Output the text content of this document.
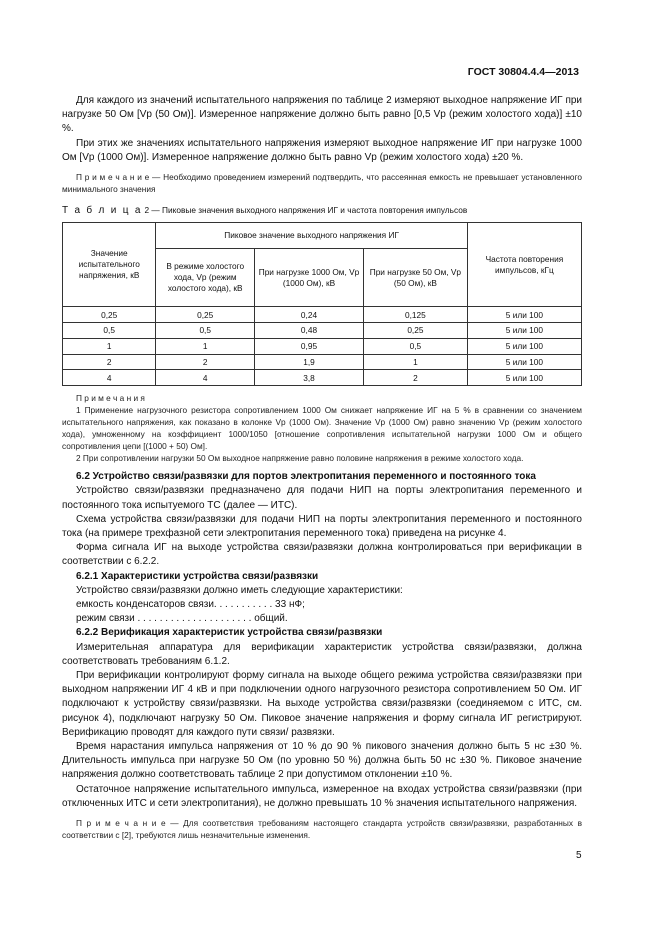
ГОСТ 30804.4.4—2013

Для каждого из значений испытательного напряжения по таблице 2 измеряют выходное напряжение ИГ при нагрузке 50 Ом [Vp (50 Ом)]. Измеренное напряжение должно быть равно [0,5 Vp (режим холостого хода)] ±10 %.

При этих же значениях испытательного напряжения измеряют выходное напряжение ИГ при нагрузке 1000 Ом [Vp (1000 Ом)]. Измеренное напряжение должно быть равно Vp (режим холостого хода) ±20 %.

П р и м е ч а н и е — Необходимо проведением измерений подтвердить, что рассеянная емкость не превышает установленного минимального значения

Т а б л и ц а 2 — Пиковые значения выходного напряжения ИГ и частота повторения импульсов

Значение испытательного напряжения, кВ	Пиковое значение выходного напряжения ИГ			Частота повторения импульсов, кГц
	В режиме холостого хода, Vp (режим холостого хода), кВ	При нагрузке 1000 Ом, Vp (1000 Ом), кВ	При нагрузке 50 Ом, Vp (50 Ом), кВ	
0,25	0,25	0,24	0,125	5 или 100
0,5	0,5	0,48	0,25	5 или 100
1	1	0,95	0,5	5 или 100
2	2	1,9	1	5 или 100
4	4	3,8	2	5 или 100

П р и м е ч а н и я

1 Применение нагрузочного резистора сопротивлением 1000 Ом снижает напряжение ИГ на 5 % в сравнении со значением испытательного напряжения, как показано в колонке Vp (1000 Ом). Значение Vp (1000 Ом) равно значению Vp (режим холостого хода), умноженному на коэффициент 1000/1050 [отношение сопротивления испытательной нагрузки 1000 Ом и общего сопротивления цепи [(1000 + 50) Ом].

2 При сопротивлении нагрузки 50 Ом выходное напряжение равно половине напряжения в режиме холостого хода.

6.2 Устройство связи/развязки для портов электропитания переменного и постоянного тока

Устройство связи/развязки предназначено для подачи НИП на порты электропитания переменного и постоянного тока испытуемого ТС (далее — ИТС).

Схема устройства связи/развязки для подачи НИП на порты электропитания переменного и постоянного тока (на примере трехфазной сети электропитания переменного тока) приведена на рисунке 4.

Форма сигнала ИГ на выходе устройства связи/развязки должна контролироваться при верификации в соответствии с 6.2.2.

6.2.1 Характеристики устройства связи/развязки

Устройство связи/развязки должно иметь следующие характеристики:

емкость конденсаторов связи. . . . . . . . . . . 33 нФ;

режим связи . . . . . . . . . . . . . . . . . . . . . общий.

6.2.2 Верификация характеристик устройства связи/развязки

Измерительная аппаратура для верификации характеристик устройства связи/развязки, должна соответствовать требованиям 6.1.2.

При верификации контролируют форму сигнала на выходе общего режима устройства связи/развязки при выходном напряжении ИГ 4 кВ и при подключении одного нагрузочного резистора сопротивлением 50 Ом. ИГ подключают к устройству связи/развязки. На выходе устройства связи/развязки (соединяемом с ИТС, см. рисунок 4), подключают нагрузку 50 Ом. Пиковое значение напряжения и форму сигнала ИГ регистрируют. Верификацию проводят для каждого пути связи/ развязки.

Время нарастания импульса напряжения от 10 % до 90 % пикового значения должно быть 5 нс ±30 %. Длительность импульса при нагрузке 50 Ом (по уровню 50 %) должна быть 50 нс ±30 %. Пиковое значение напряжения должно соответствовать таблице 2 при допустимом отклонении ±10 %.

Остаточное напряжение испытательного импульса, измеренное на входах устройства связи/развязки (при отключенных ИТС и сети электропитания), не должно превышать 10 % значения испытательного напряжения.

П р и м е ч а н и е — Для соответствия требованиям настоящего стандарта устройств связи/развязки, разработанных в соответствии с [2], требуются лишь незначительные изменения.

5
